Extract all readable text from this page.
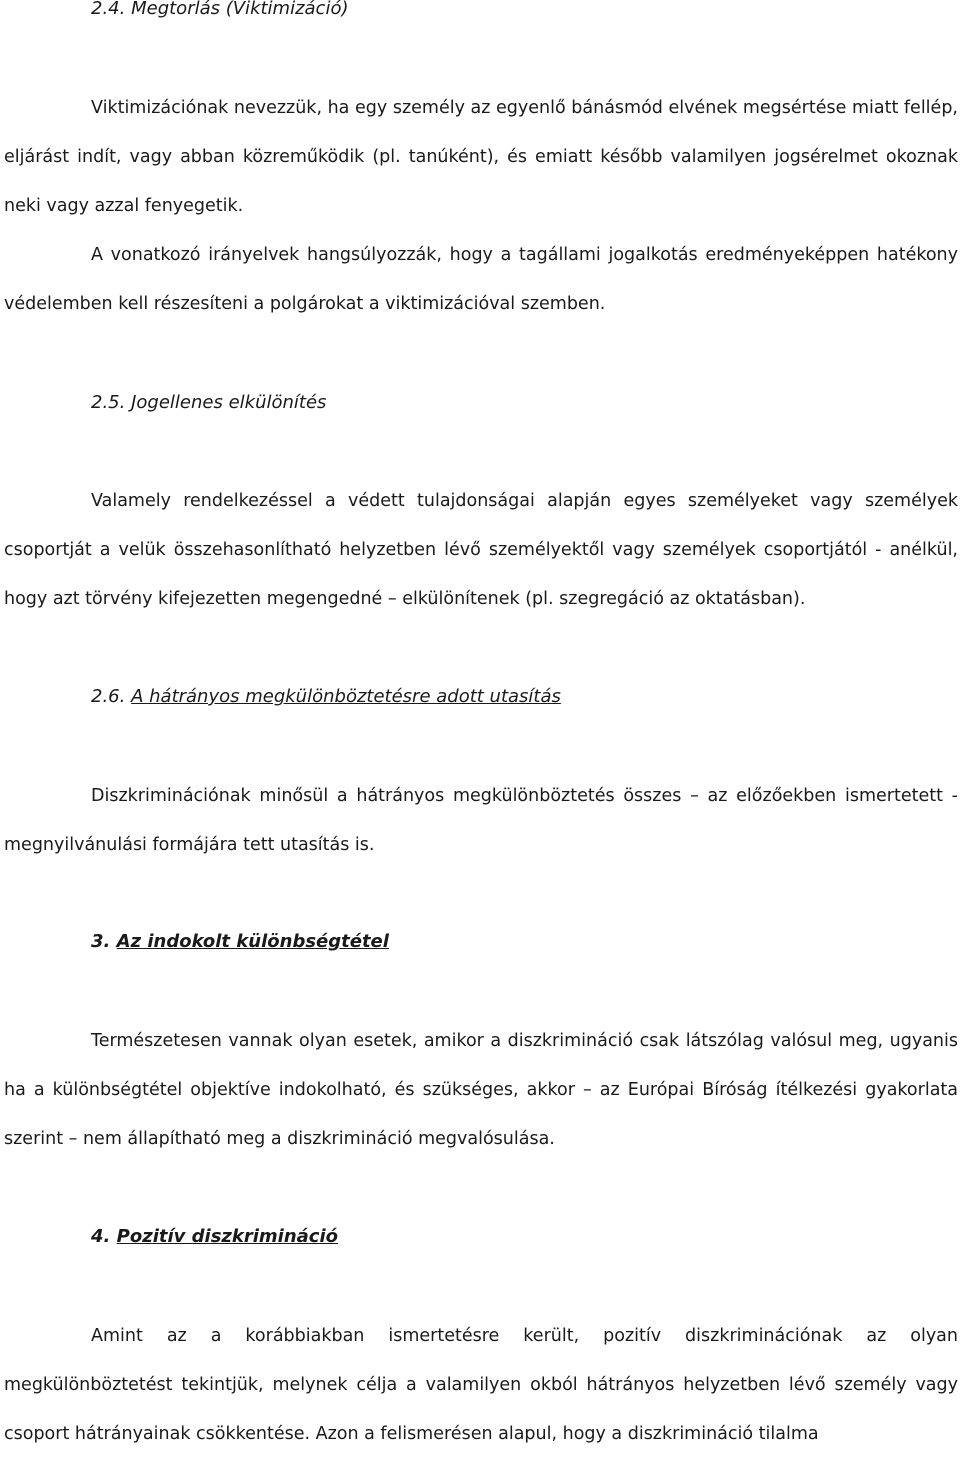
2.4. Megtorlás (Viktimizáció)

Viktimizációnak nevezzük, ha egy személy az egyenlő bánásmód elvének megsértése miatt fellép, eljárást indít, vagy abban közreműködik (pl. tanúként), és emiatt később valamilyen jogsérelmet okoznak neki vagy azzal fenyegetik.

A vonatkozó irányelvek hangsúlyozzák, hogy a tagállami jogalkotás eredményeképpen hatékony védelemben kell részesíteni a polgárokat a viktimizációval szemben.

2.5. Jogellenes elkülönítés

Valamely rendelkezéssel a védett tulajdonságai alapján egyes személyeket vagy személyek csoportját a velük összehasonlítható helyzetben lévő személyektől vagy személyek csoportjától - anélkül, hogy azt törvény kifejezetten megengedné – elkülönítenek (pl. szegregáció az oktatásban).

2.6. A hátrányos megkülönböztetésre adott utasítás

Diszkriminációnak minősül a hátrányos megkülönböztetés összes – az előzőekben ismertetett - megnyilvánulási formájára tett utasítás is.

3. Az indokolt különbségtétel

Természetesen vannak olyan esetek, amikor a diszkrimináció csak látszólag valósul meg, ugyanis ha a különbségtétel objektíve indokolható, és szükséges, akkor – az Európai Bíróság ítélkezési gyakorlata szerint – nem állapítható meg a diszkrimináció megvalósulása.

4. Pozitív diszkrimináció

Amint az a korábbiakban ismertetésre került, pozitív diszkriminációnak az olyan megkülönböztetést tekintjük, melynek célja a valamilyen okból hátrányos helyzetben lévő személy vagy csoport hátrányainak csökkentése. Azon a felismerésen alapul, hogy a diszkrimináció tilalma
